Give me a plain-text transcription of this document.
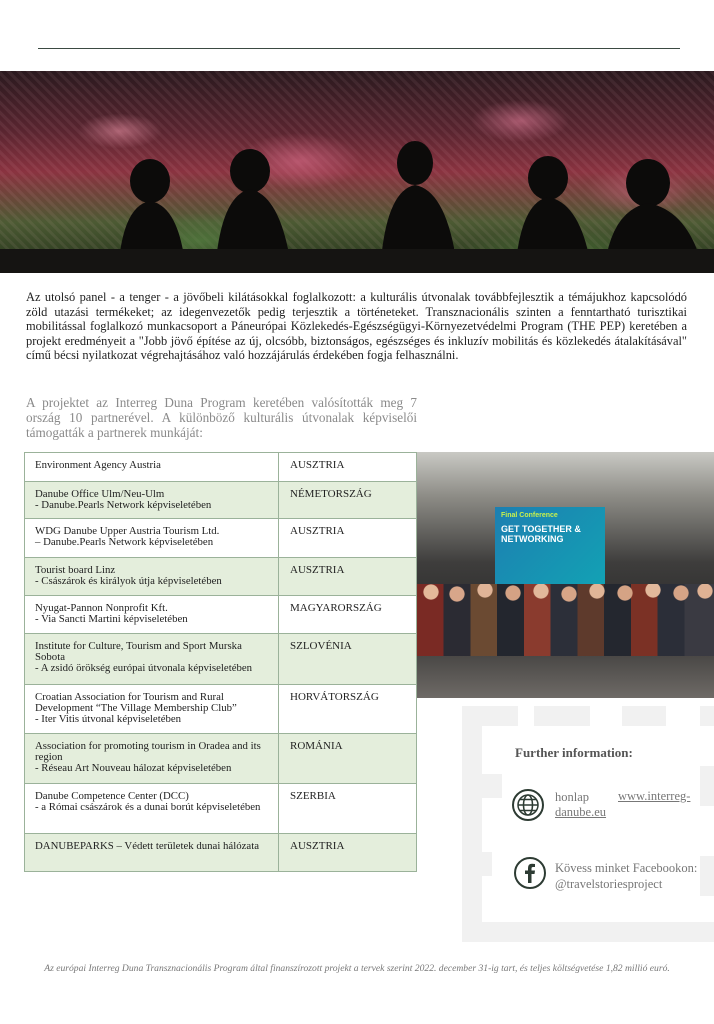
Az utolsó panel - a tenger - a jövőbeli kilátásokkal foglalkozott: a kulturális útvonalak továbbfejlesztik a témájukhoz kapcsolódó zöld utazási termékeket; az idegenvezetők pedig terjesztik a történeteket. Transznacionális szinten a fenntartható turisztikai mobilitással foglalkozó munkacsoport a Páneurópai Közlekedés-Egészségügyi-Környezetvédelmi Program (THE PEP) keretében a projekt eredményeit a "Jobb jövő építése az új, olcsóbb, biztonságos, egészséges és inkluzív mobilitás és közlekedés átalakításával" című bécsi nyilatkozat végrehajtásához való hozzájárulás érdekében fogja felhasználni.

A projektet az Interreg Duna Program keretében valósították meg 7 ország 10 partnerével. A különböző kulturális útvonalak képviselői támogatták a partnerek munkáját:

Environment Agency Austria	AUSZTRIA
Danube Office Ulm/Neu-Ulm
- Danube.Pearls Network képviseletében	NÉMETORSZÁG
WDG Danube Upper Austria Tourism Ltd.
– Danube.Pearls Network képviseletében	AUSZTRIA
Tourist board Linz
- Császárok és királyok útja képviseletében	AUSZTRIA
Nyugat-Pannon Nonprofit Kft.
- Via Sancti Martini képviseletében	MAGYARORSZÁG
Institute for Culture, Tourism and Sport Murska Sobota
- A zsidó örökség európai útvonala képviseletében	SZLOVÉNIA
Croatian Association for Tourism and Rural Development “The Village Membership Club”
- Iter Vitis útvonal képviseletében	HORVÁTORSZÁG
Association for promoting tourism in Oradea and its region
- Réseau Art Nouveau hálozat képviseletében	ROMÁNIA
Danube Competence Center (DCC)
- a Római császárok és a dunai borút képviseletében	SZERBIA
DANUBEPARKS – Védett területek dunai hálózata	AUSZTRIA
Final Conference
GET TOGETHER & NETWORKING
Further information:
honlap www.interreg-
danube.eu
Kövess minket Facebookon:
@travelstoriesproject
Az európai Interreg Duna Transznacionális Program által finanszírozott projekt a tervek szerint 2022. december 31-ig tart, és teljes költségvetése 1,82 millió euró.
